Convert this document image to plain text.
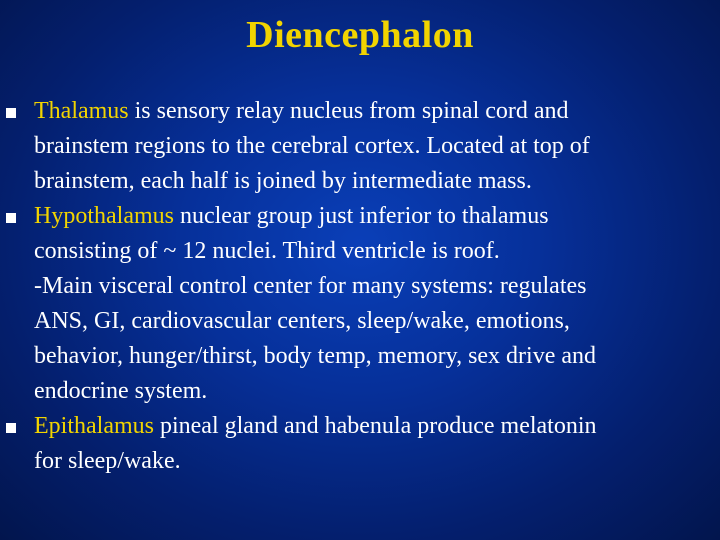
Diencephalon
Thalamus is sensory relay nucleus from spinal cord and
brainstem regions to the cerebral cortex. Located at top of
brainstem, each half is joined by intermediate mass.
Hypothalamus nuclear group just inferior to thalamus
consisting of ~ 12 nuclei. Third ventricle is roof.
-Main visceral control center for many systems: regulates
ANS, GI, cardiovascular centers, sleep/wake, emotions,
behavior, hunger/thirst, body temp, memory, sex drive and
endocrine system.
Epithalamus pineal gland and habenula produce melatonin
for sleep/wake.
